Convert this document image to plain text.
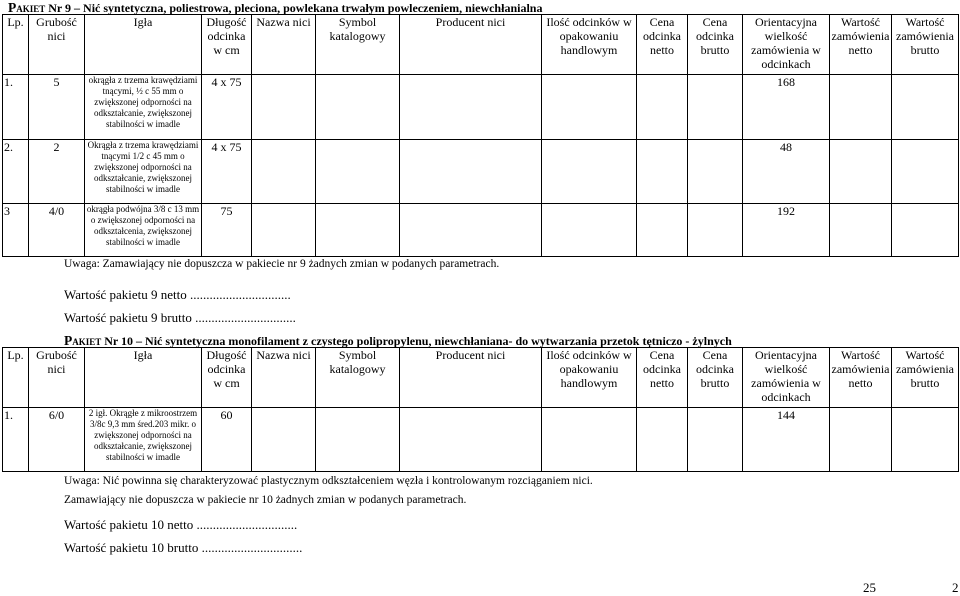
Pakiet Nr 9 – Nić syntetyczna, poliestrowa, pleciona, powlekana trwałym powleczeniem, niewchłanialna
Lp.	Grubość nici	Igła	Długość odcinka w cm	Nazwa nici	Symbol katalogowy	Producent nici	Ilość odcinków w opakowaniu handlowym	Cena odcinka netto	Cena odcinka brutto	Orientacyjna wielkość zamówienia w odcinkach	Wartość zamówienia netto	Wartość zamówienia brutto
1.	5	okrągła z trzema krawędziami tnącymi, ½ c 55 mm o zwiększonej odporności na odkształcanie, zwiększonej stabilności w imadle	4 x 75							168		
2.	2	Okrągła z trzema krawędziami tnącymi 1/2 c 45 mm o zwiększonej odporności na odkształcanie, zwiększonej stabilności w imadle	4 x 75							48		
3	4/0	okrągła podwójna 3/8 c 13 mm o zwiększonej odporności na odkształcenia, zwiększonej stabilności w imadle	75							192		
Uwaga: Zamawiający nie dopuszcza w pakiecie nr 9 żadnych zmian w podanych parametrach.
Wartość pakietu 9 netto ...............................
Wartość pakietu 9 brutto ...............................
Pakiet Nr 10 – Nić syntetyczna monofilament z czystego polipropylenu, niewchłaniana- do wytwarzania przetok tętniczo - żylnych
Lp.	Grubość nici	Igła	Długość odcinka w cm	Nazwa nici	Symbol katalogowy	Producent nici	Ilość odcinków w opakowaniu handlowym	Cena odcinka netto	Cena odcinka brutto	Orientacyjna wielkość zamówienia w odcinkach	Wartość zamówienia netto	Wartość zamówienia brutto
1.	6/0	2 igł. Okrągłe z mikroostrzem 3/8c 9,3 mm śred.203 mikr. o zwiększonej odporności na odkształcanie, zwiększonej stabilności w imadle	60							144		
Uwaga: Nić powinna się charakteryzować plastycznym odkształceniem węzła i kontrolowanym rozciąganiem nici.
Zamawiający nie dopuszcza w pakiecie nr 10 żadnych zmian w podanych parametrach.
Wartość pakietu 10 netto ...............................
Wartość pakietu 10 brutto ...............................
25	2
